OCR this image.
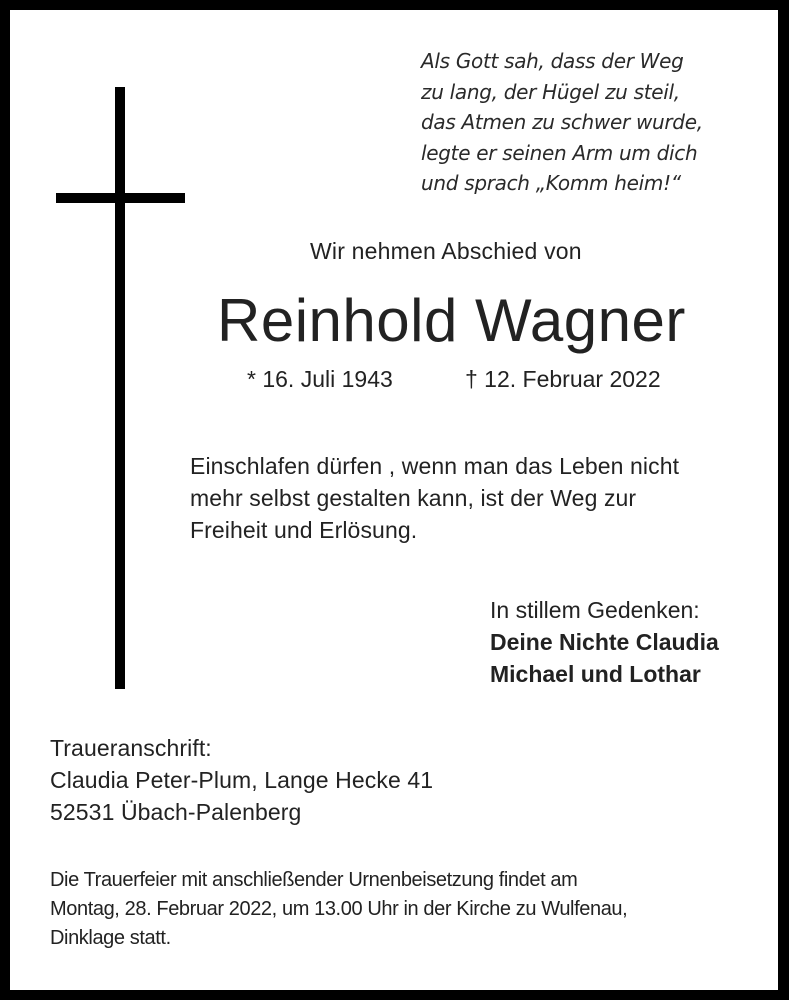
Als Gott sah, dass der Weg
zu lang, der Hügel zu steil,
das Atmen zu schwer wurde,
legte er seinen Arm um dich
und sprach „Komm heim!“
Wir nehmen Abschied von
Reinhold Wagner
* 16. Juli 1943	† 12. Februar 2022
Einschlafen dürfen , wenn man das Leben nicht
mehr selbst gestalten kann, ist der Weg zur
Freiheit und Erlösung.
In stillem Gedenken:
Deine Nichte Claudia
Michael und Lothar
Traueranschrift:
Claudia Peter-Plum, Lange Hecke 41
52531 Übach-Palenberg
Die Trauerfeier mit anschließender Urnenbeisetzung findet am
Montag, 28. Februar 2022, um 13.00 Uhr in der Kirche zu Wulfenau,
Dinklage statt.
